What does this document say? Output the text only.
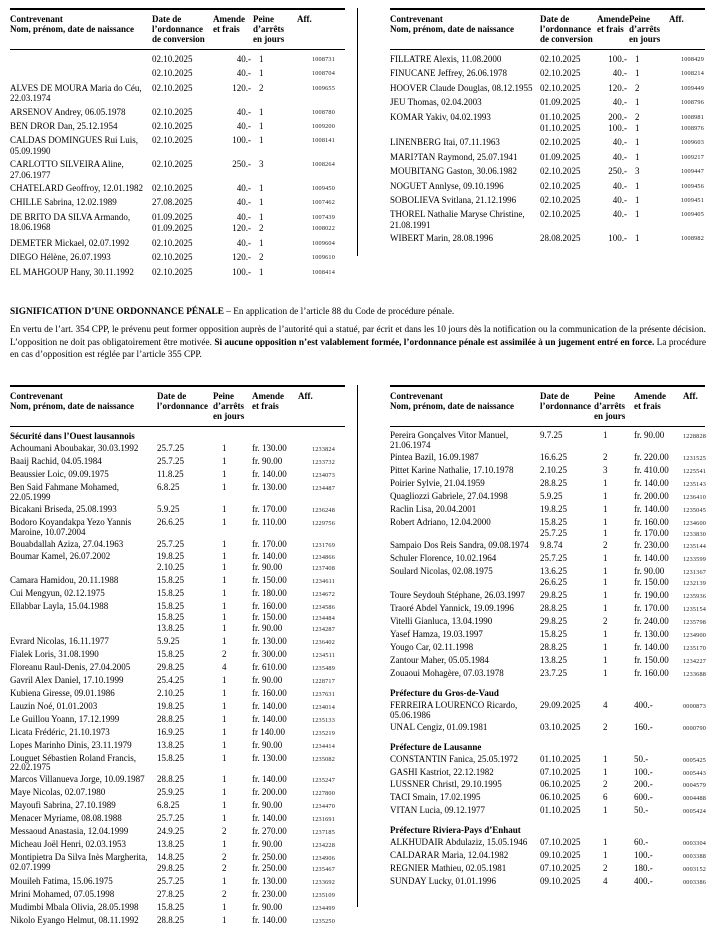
Contrevenant
Nom, prénom, date de naissance
Date de
l’ordonnance
de conversion
Amende
et frais
Peine
d’arrêts
en jours
Aff.
02.10.2025	40.- 1	1008731
02.10.2025	40.- 1	1008704
ALVES DE MOURA Maria do Céu, 22.03.1974
02.10.2025	120.- 2	1009655
ARSENOV Andrey, 06.05.1978	02.10.2025	40.- 1	1008780
BEN DROR Dan, 25.12.1954	02.10.2025	40.- 1	1009200
CALDAS DOMINGUES Rui Luis, 05.09.1990
02.10.2025	100.- 1	1008141
CARLOTTO SILVEIRA Aline, 27.06.1977
02.10.2025	250.- 3	1008264
CHATELARD Geoffroy, 12.01.1982	02.10.2025	40.- 1	1009450
CHILLE Sabrina, 12.02.1989	27.08.2025	40.- 1	1007462
DE BRITO DA SILVA Armando, 18.06.1968
01.09.2025	40.- 1	1007439
01.09.2025	120.- 2	1008022
DEMETER Mickael, 02.07.1992	02.10.2025	40.- 1	1009604
DIEGO Hélène, 26.07.1993	02.10.2025	120.- 2	1009610
EL MAHGOUP Hany, 30.11.1992	02.10.2025	100.- 1	1008414
Contrevenant
Nom, prénom, date de naissance
Date de
l’ordonnance
de conversion
Amende
et frais
Peine
d’arrêts
en jours
Aff.
FILLATRE Alexis, 11.08.2000	02.10.2025	100.- 1	1008429
FINUCANE Jeffrey, 26.06.1978	02.10.2025	40.- 1	1008214
HOOVER Claude Douglas, 08.12.1955 02.10.2025	120.- 2	1009449
JEU Thomas, 02.04.2003	01.09.2025	40.- 1	1008796
KOMAR Yakiv, 04.02.1993	01.10.2025	200.- 2	1008981
01.10.2025	100.- 1	1008976
LINENBERG Itai, 07.11.1963	02.10.2025	40.- 1	1009603
MARI?TAN Raymond, 25.07.1941	01.09.2025	40.- 1	1009217
MOUBITANG Gaston, 30.06.1982	02.10.2025	250.- 3	1009447
NOGUET Annlyse, 09.10.1996	02.10.2025	40.- 1	1009456
SOBOLIEVA Svitlana, 21.12.1996	02.10.2025	40.- 1	1009451
THOREL Nathalie Maryse Christine, 21.08.1991
02.10.2025	40.- 1	1009405
WIBERT Marin, 28.08.1996	28.08.2025	100.- 1	1008982

SIGNIFICATION D’UNE ORDONNANCE PÉNALE – En application de l’article 88 du Code de procédure pénale.

En vertu de l’art. 354 CPP, le prévenu peut former opposition auprès de l’autorité qui a statué, par écrit et dans les 10 jours dès la notification ou la communication de la présente décision. L’opposition ne doit pas obligatoirement être motivée. Si aucune opposition n’est valablement formée, l’ordonnance pénale est assimilée à un jugement entré en force. La procédure en cas d’opposition est réglée par l’article 355 CPP.

Contrevenant
Nom, prénom, date de naissance
Date de
l’ordonnance
Peine
d’arrêts
en jours
Amende
et frais
Aff.
Sécurité dans l’Ouest lausannois
Achoumani Aboubakar, 30.03.1992	25.7.25	1	fr. 130.00	1233824
Baaij Rachid, 04.05.1984	25.7.25	1	fr. 90.00	1233732
Beaussier Loic, 09.09.1975	11.8.25	1	fr. 140.00	1234073
Ben Said Fahmane Mohamed, 22.05.1999
6.8.25	1	fr. 130.00	1234487
Bicakani Briseda, 25.08.1993	5.9.25	1	fr. 170.00	1236248
Bodoro Koyandakpa Yezo Yannis Maroine, 10.07.2004
26.6.25	1	fr. 110.00	1229756
Bouabdallah Aziza, 27.04.1963	25.7.25	1	fr. 170.00	1231769
Boumar Kamel, 26.07.2002	19.8.25	1	fr. 140.00	1234866
2.10.25	1	fr. 90.00	1237408
Camara Hamidou, 20.11.1988	15.8.25	1	fr. 150.00	1234611
Cui Mengyun, 02.12.1975	15.8.25	1	fr. 180.00	1234672
Ellabbar Layla, 15.04.1988	15.8.25	1	fr. 160.00	1234586
15.8.25	1	fr. 150.00	1234484
13.8.25	1	fr. 90.00	1234287
Evrard Nicolas, 16.11.1977	5.9.25	1	fr. 130.00	1236402
Fialek Loris, 31.08.1990	15.8.25	2	fr. 300.00	1234511
Floreanu Raul-Denis, 27.04.2005	29.8.25	4	fr. 610.00	1235489
Gavril Alex Daniel, 17.10.1999	25.4.25	1	fr. 90.00	1228717
Kubiena Giresse, 09.01.1986	2.10.25	1	fr. 160.00	1237631
Lauzin Noé, 01.01.2003	19.8.25	1	fr. 140.00	1234014
Le Guillou Yoann, 17.12.1999	28.8.25	1	fr. 140.00	1235133
Licata Frédéric, 21.10.1973	16.9.25	1	fr 140.00	1235219
Lopes Marinho Dinis, 23.11.1979	13.8.25	1	fr. 90.00	1234414
Louguet Sébastien Roland Francis, 22.02.1975
15.8.25	1	fr. 130.00	1235082
Marcos Villanueva Jorge, 10.09.1987	28.8.25	1	fr. 140.00	1235247
Maye Nicolas, 02.07.1980	25.9.25	1	fr. 200.00	1227800
Mayoufi Sabrina, 27.10.1989	6.8.25	1	fr. 90.00	1234470
Menacer Myriame, 08.08.1988	25.7.25	1	fr. 140.00	1231691
Messaoud Anastasia, 12.04.1999	24.9.25	2	fr. 270.00	1237185
Micheau Joël Henri, 02.03.1953	13.8.25	1	fr. 90.00	1234228
Montipietra Da Silva Inès Margherita, 02.07.1999
14.8.25	2	fr. 250.00	1234906
29.8.25	2	fr. 250.00	1235467
Mouileh Fatima, 15.06.1975	25.7.25	1	fr. 130.00	1233692
Mrini Mohamed, 07.05.1998	27.8.25	2	fr. 230.00	1235109
Mudimbi Mbala Olivia, 28.05.1998	15.8.25	1	fr. 90.00	1234499
Nikolo Eyango Helmut, 08.11.1992	28.8.25	1	fr. 140.00	1235250
Contrevenant
Nom, prénom, date de naissance
Date de
l’ordonnance
Peine
d’arrêts
en jours
Amende
et frais
Aff.
Pereira Gonçalves Vitor Manuel, 21.06.1974
9.7.25	1	fr. 90.00	1228828
Pintea Bazil, 16.09.1987	16.6.25	2	fr. 220.00	1231525
Pittet Karine Nathalie, 17.10.1978	2.10.25	3	fr. 410.00	1225541
Poirier Sylvie, 21.04.1959	28.8.25	1	fr. 140.00	1235143
Quagliozzi Gabriele, 27.04.1998	5.9.25	1	fr. 200.00	1236410
Raclin Lisa, 20.04.2001	19.8.25	1	fr. 140.00	1235045
Robert Adriano, 12.04.2000	15.8.25	1	fr. 160.00	1234600
25.7.25	1	fr. 170.00	1233830
Sampaio Dos Reis Sandra, 09.08.1974	9.8.74	2	fr. 230.00	1235144
Schuler Florence, 10.02.1964	25.7.25	1	fr. 140.00	1233599
Soulard Nicolas, 02.08.1975	13.6.25	1	fr. 90.00	1231367
26.6.25	1	fr. 150.00	1232139
Toure Seydouh Stéphane, 26.03.1997	29.8.25	1	fr. 190.00	1235936
Traoré Abdel Yannick, 19.09.1996	28.8.25	1	fr. 170.00	1235154
Vitelli Gianluca, 13.04.1990	29.8.25	2	fr. 240.00	1235798
Yasef Hamza, 19.03.1997	15.8.25	1	fr. 130.00	1234900
Yougo Car, 02.11.1998	28.8.25	1	fr. 140.00	1235170
Zantour Maher, 05.05.1984	13.8.25	1	fr. 150.00	1234227
Zouaoui Mohagère, 07.03.1978	23.7.25	1	fr. 160.00	1233688
Préfecture du Gros-de-Vaud
FERREIRA LOURENCO Ricardo, 05.06.1986
29.09.2025	4	400.-	0000873
UNAL Cengiz, 01.09.1981	03.10.2025	2	160.-	0000790
Préfecture de Lausanne
CONSTANTIN Fanica, 25.05.1972	01.10.2025	1	50.-	0005425
GASHI Kastriot, 22.12.1982	07.10.2025	1	100.-	0005443
LUSSNER Christl, 29.10.1995	06.10.2025	2	200.-	0004579
TACI Smain, 17.02.1995	06.10.2025	6	600.-	0004488
VITAN Lucia, 09.12.1977	01.10.2025	1	50.-	0005424
Préfecture Riviera-Pays d’Enhaut
ALKHUDAIR Abdulaziz, 15.05.1946	07.10.2025	1	60.-	0003304
CALDARAR Maria, 12.04.1982	09.10.2025	1	100.-	0003388
REGNIER Mathieu, 02.05.1981	07.10.2025	2	180.-	0003152
SUNDAY Lucky, 01.01.1996	09.10.2025	4	400.-	0003386
